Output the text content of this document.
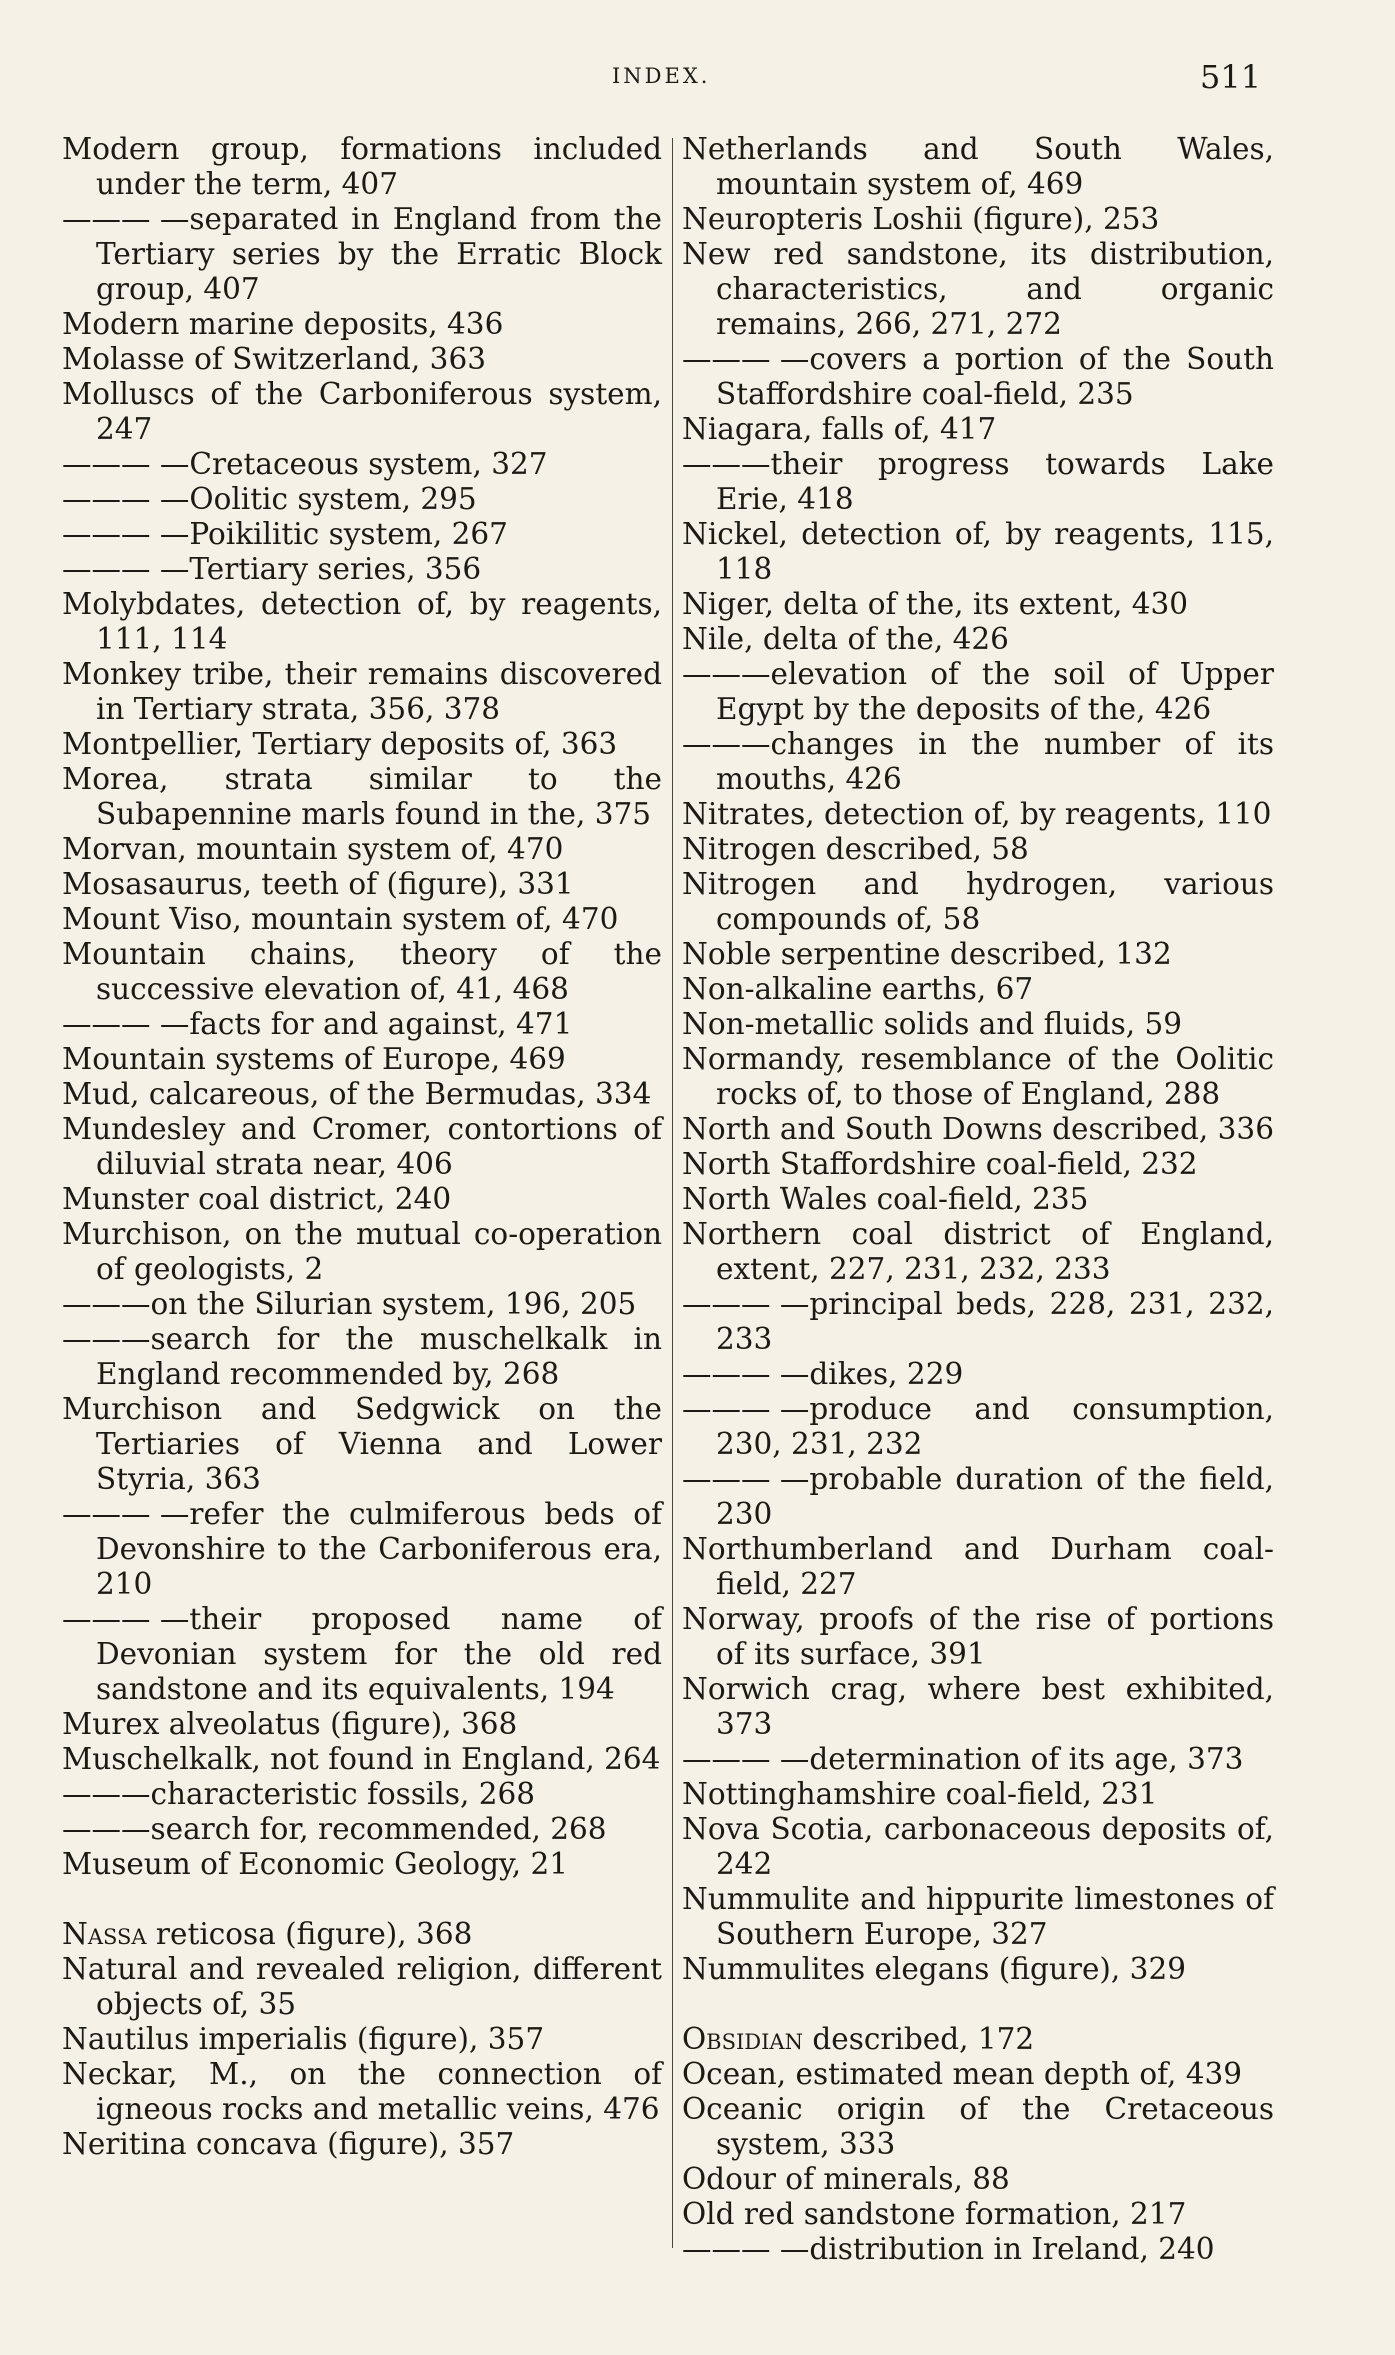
INDEX.	511
Modern group, formations included under the term, 407
——— —separated in England from the Tertiary series by the Erratic Block group, 407
Modern marine deposits, 436
Molasse of Switzerland, 363
Molluscs of the Carboniferous system, 247
——— —Cretaceous system, 327
——— —Oolitic system, 295
——— —Poikilitic system, 267
——— —Tertiary series, 356
Molybdates, detection of, by reagents, 111, 114
Monkey tribe, their remains discovered in Tertiary strata, 356, 378
Montpellier, Tertiary deposits of, 363
Morea, strata similar to the Subapennine marls found in the, 375
Morvan, mountain system of, 470
Mosasaurus, teeth of (figure), 331
Mount Viso, mountain system of, 470
Mountain chains, theory of the successive elevation of, 41, 468
——— —facts for and against, 471
Mountain systems of Europe, 469
Mud, calcareous, of the Bermudas, 334
Mundesley and Cromer, contortions of diluvial strata near, 406
Munster coal district, 240
Murchison, on the mutual co-operation of geologists, 2
———on the Silurian system, 196, 205
———search for the muschelkalk in England recommended by, 268
Murchison and Sedgwick on the Tertiaries of Vienna and Lower Styria, 363
——— —refer the culmiferous beds of Devonshire to the Carboniferous era, 210
——— —their proposed name of Devonian system for the old red sandstone and its equivalents, 194
Murex alveolatus (figure), 368
Muschelkalk, not found in England, 264
———characteristic fossils, 268
———search for, recommended, 268
Museum of Economic Geology, 21
Nassa reticosa (figure), 368
Natural and revealed religion, different objects of, 35
Nautilus imperialis (figure), 357
Neckar, M., on the connection of igneous rocks and metallic veins, 476
Neritina concava (figure), 357
Netherlands and South Wales, mountain system of, 469
Neuropteris Loshii (figure), 253
New red sandstone, its distribution, characteristics, and organic remains, 266, 271, 272
——— —covers a portion of the South Staffordshire coal-field, 235
Niagara, falls of, 417
———their progress towards Lake Erie, 418
Nickel, detection of, by reagents, 115, 118
Niger, delta of the, its extent, 430
Nile, delta of the, 426
———elevation of the soil of Upper Egypt by the deposits of the, 426
———changes in the number of its mouths, 426
Nitrates, detection of, by reagents, 110
Nitrogen described, 58
Nitrogen and hydrogen, various compounds of, 58
Noble serpentine described, 132
Non-alkaline earths, 67
Non-metallic solids and fluids, 59
Normandy, resemblance of the Oolitic rocks of, to those of England, 288
North and South Downs described, 336
North Staffordshire coal-field, 232
North Wales coal-field, 235
Northern coal district of England, extent, 227, 231, 232, 233
——— —principal beds, 228, 231, 232, 233
——— —dikes, 229
——— —produce and consumption, 230, 231, 232
——— —probable duration of the field, 230
Northumberland and Durham coal-field, 227
Norway, proofs of the rise of portions of its surface, 391
Norwich crag, where best exhibited, 373
——— —determination of its age, 373
Nottinghamshire coal-field, 231
Nova Scotia, carbonaceous deposits of, 242
Nummulite and hippurite limestones of Southern Europe, 327
Nummulites elegans (figure), 329
Obsidian described, 172
Ocean, estimated mean depth of, 439
Oceanic origin of the Cretaceous system, 333
Odour of minerals, 88
Old red sandstone formation, 217
——— —distribution in Ireland, 240
